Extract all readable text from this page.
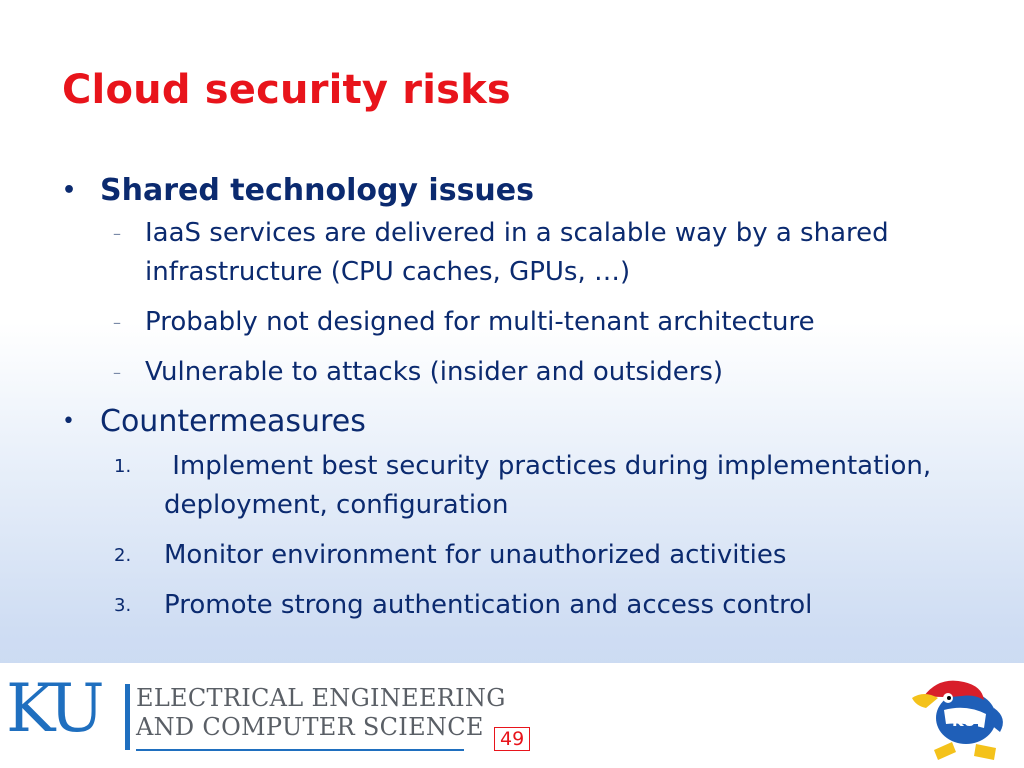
Cloud security risks
• Shared technology issues
– IaaS services are delivered in a scalable way by a shared infrastructure (CPU caches, GPUs, …)
– Probably not designed for multi-tenant architecture
– Vulnerable to attacks (insider and outsiders)
• Countermeasures
1. Implement best security practices during implementation, deployment, configuration
2. Monitor environment for unauthorized activities
3. Promote strong authentication and access control
KU ELECTRICAL ENGINEERING
AND COMPUTER SCIENCE 49
KU
